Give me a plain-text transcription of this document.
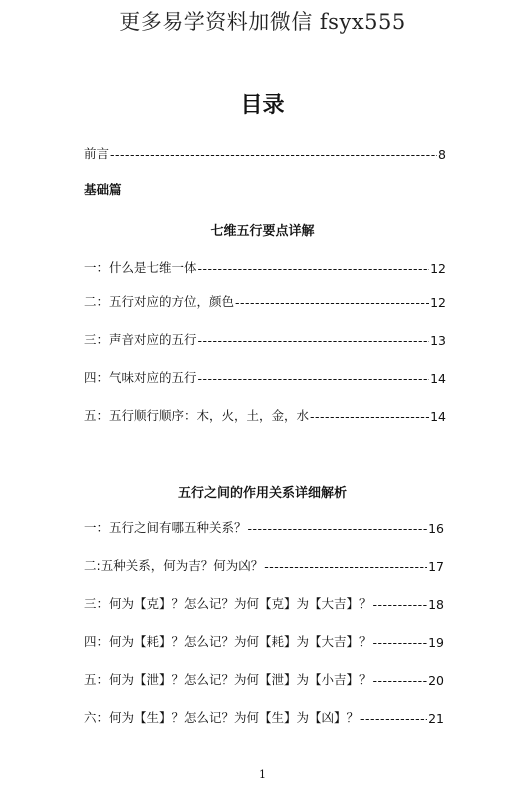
更多易学资料加微信 fsyx555
目录
前言 -----	8
基础篇
七维五行要点详解
一：什么是七维一体 -----	12
二：五行对应的方位，颜色 -----	12
三：声音对应的五行 -----	13
四：气味对应的五行 -----	14
五：五行顺行顺序：木，火，土，金，水 -----	14
五行之间的作用关系详细解析
一：五行之间有哪五种关系？ -----	16
二:五种关系，何为吉？何为凶？ -----	17
三：何为【克】？怎么记？为何【克】为【大吉】？ -----	18
四：何为【耗】？怎么记？为何【耗】为【大吉】？ -----	19
五：何为【泄】？怎么记？为何【泄】为【小吉】？ -----	20
六：何为【生】？怎么记？为何【生】为【凶】？ -----	21
1
